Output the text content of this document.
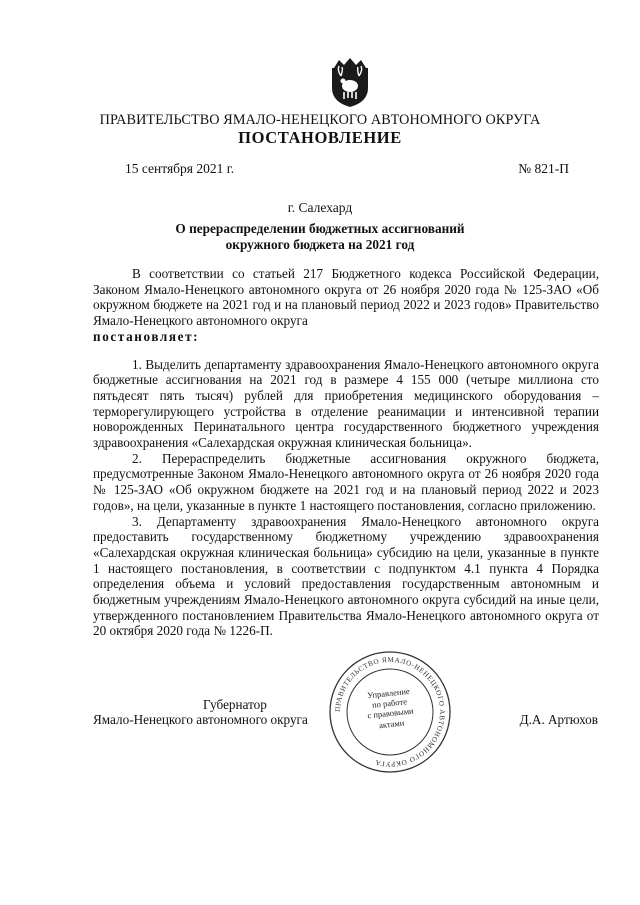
ПРАВИТЕЛЬСТВО ЯМАЛО-НЕНЕЦКОГО АВТОНОМНОГО ОКРУГА
ПОСТАНОВЛЕНИЕ
15 сентября 2021 г.	№ 821-П
г. Салехард
О перераспределении бюджетных ассигнований
окружного бюджета на 2021 год

В соответствии со статьей 217 Бюджетного кодекса Российской Федерации, Законом Ямало-Ненецкого автономного округа от 26 ноября 2020 года № 125-ЗАО «Об окружном бюджете на 2021 год и на плановый период 2022 и 2023 годов» Правительство Ямало-Ненецкого автономного округа
постановляет:

1. Выделить департаменту здравоохранения Ямало-Ненецкого автономного округа бюджетные ассигнования на 2021 год в размере 4 155 000 (четыре миллиона сто пятьдесят пять тысяч) рублей для приобретения медицинского оборудования – терморегулирующего устройства в отделение реанимации и интенсивной терапии новорожденных Перинатального центра государственного бюджетного учреждения здравоохранения «Салехардская окружная клиническая больница».

2. Перераспределить бюджетные ассигнования окружного бюджета, предусмотренные Законом Ямало-Ненецкого автономного округа от 26 ноября 2020 года № 125-ЗАО «Об окружном бюджете на 2021 год и на плановый период 2022 и 2023 годов», на цели, указанные в пункте 1 настоящего постановления, согласно приложению.

3. Департаменту здравоохранения Ямало-Ненецкого автономного округа предоставить государственному бюджетному учреждению здравоохранения «Салехардская окружная клиническая больница» субсидию на цели, указанные в пункте 1 настоящего постановления, в соответствии с подпунктом 4.1 пункта 4 Порядка определения объема и условий предоставления государственным автономным и бюджетным учреждениям Ямало-Ненецкого автономного округа субсидий на иные цели, утвержденного постановлением Правительства Ямало-Ненецкого автономного округа от 20 октября 2020 года № 1226-П.

Губернатор
Ямало-Ненецкого автономного округа	Д.А. Артюхов
ПРАВИТЕЛЬСТВО ЯМАЛО-НЕНЕЦКОГО АВТОНОМНОГО ОКРУГА
Управление
по работе
с правовыми
актами
